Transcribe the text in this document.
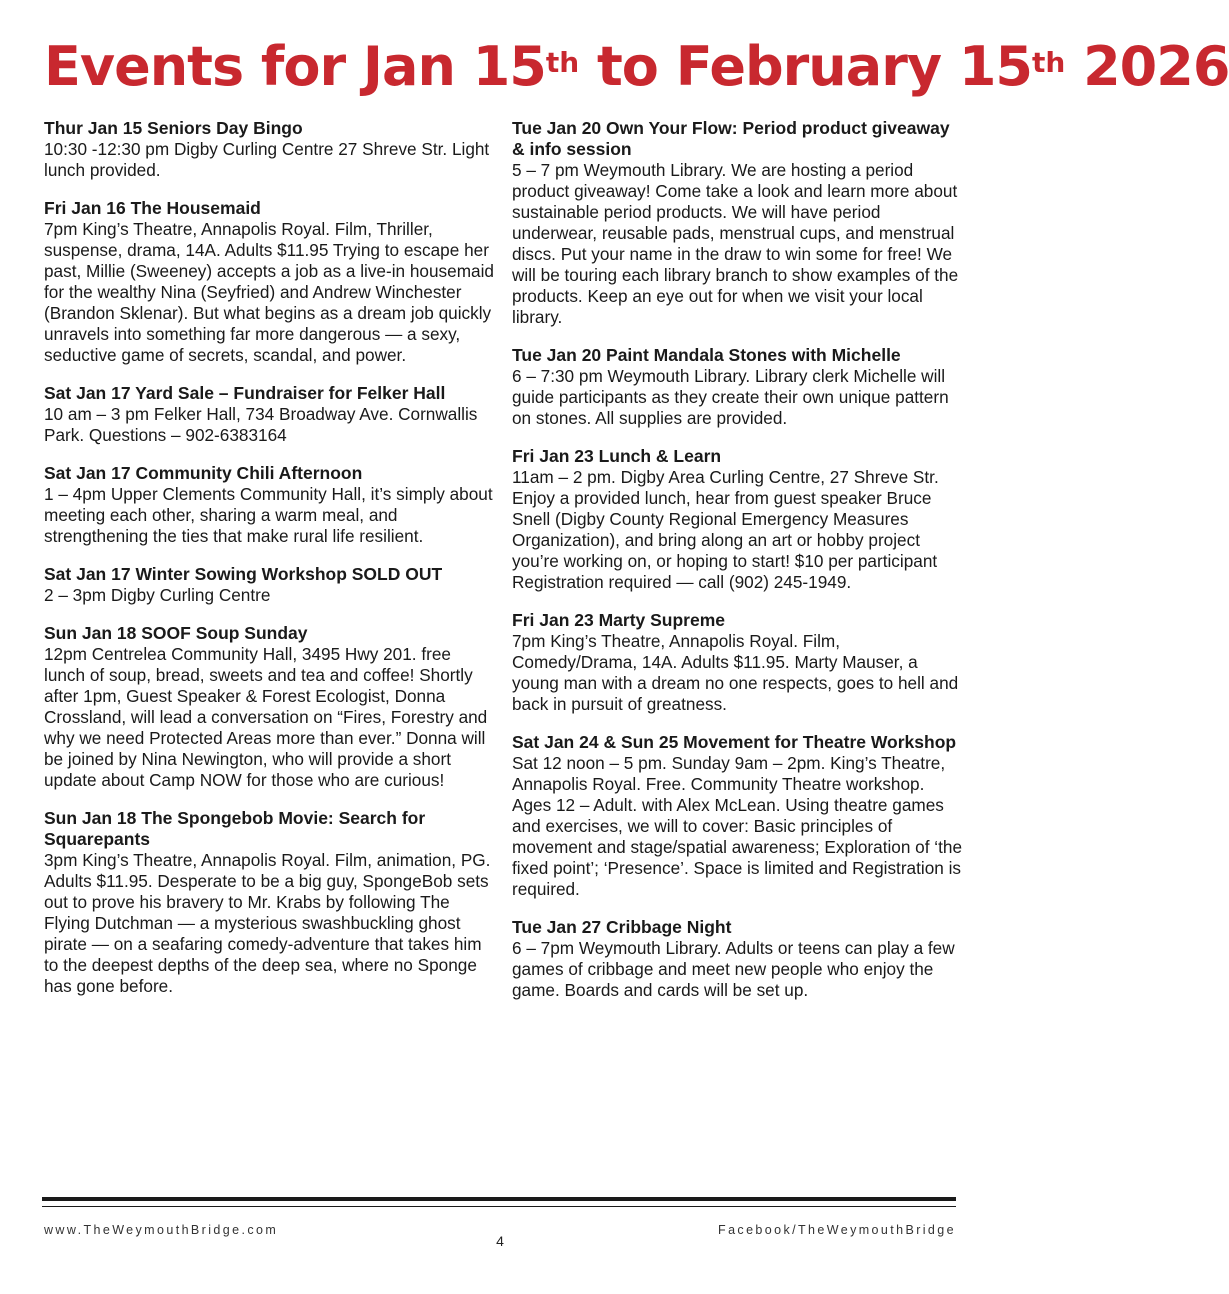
Events for Jan 15th to February 15th 2026

Thur Jan 15 Seniors Day Bingo

10:30 -12:30 pm Digby Curling Centre 27 Shreve Str. Light lunch provided.

Fri Jan 16 The Housemaid

7pm King’s Theatre, Annapolis Royal. Film, Thriller, suspense, drama, 14A. Adults $11.95 Trying to escape her past, Millie (Sweeney) accepts a job as a live-in housemaid for the wealthy Nina (Seyfried) and Andrew Winchester (Brandon Sklenar). But what begins as a dream job quickly unravels into something far more dangerous — a sexy, seductive game of secrets, scandal, and power.

Sat Jan 17 Yard Sale – Fundraiser for Felker Hall

10 am – 3 pm Felker Hall, 734 Broadway Ave. Cornwallis Park. Questions – 902-6383164

Sat Jan 17 Community Chili Afternoon

1 – 4pm Upper Clements Community Hall, it’s simply about meeting each other, sharing a warm meal, and strengthening the ties that make rural life resilient.

Sat Jan 17 Winter Sowing Workshop SOLD OUT

2 – 3pm Digby Curling Centre

Sun Jan 18 SOOF Soup Sunday

12pm Centrelea Community Hall, 3495 Hwy 201. free lunch of soup, bread, sweets and tea and coffee! Shortly after 1pm, Guest Speaker & Forest Ecologist, Donna Crossland, will lead a conversation on “Fires, Forestry and why we need Protected Areas more than ever.” Donna will be joined by Nina Newington, who will provide a short update about Camp NOW for those who are curious!

Sun Jan 18 The Spongebob Movie: Search for Squarepants

3pm King’s Theatre, Annapolis Royal. Film, animation, PG. Adults $11.95. Desperate to be a big guy, SpongeBob sets out to prove his bravery to Mr. Krabs by following The Flying Dutchman — a mysterious swashbuckling ghost pirate — on a seafaring comedy-adventure that takes him to the deepest depths of the deep sea, where no Sponge has gone before.

Tue Jan 20 Own Your Flow: Period product giveaway & info session

5 – 7 pm Weymouth Library. We are hosting a period product giveaway! Come take a look and learn more about sustainable period products. We will have period underwear, reusable pads, menstrual cups, and menstrual discs. Put your name in the draw to win some for free! We will be touring each library branch to show examples of the products. Keep an eye out for when we visit your local library.

Tue Jan 20 Paint Mandala Stones with Michelle

6 – 7:30 pm Weymouth Library. Library clerk Michelle will guide participants as they create their own unique pattern on stones. All supplies are provided.

Fri Jan 23 Lunch & Learn

11am – 2 pm. Digby Area Curling Centre, 27 Shreve Str. Enjoy a provided lunch, hear from guest speaker Bruce Snell (Digby County Regional Emergency Measures Organization), and bring along an art or hobby project you’re working on, or hoping to start! $10 per participant Registration required — call (902) 245-1949.

Fri Jan 23 Marty Supreme

7pm King’s Theatre, Annapolis Royal. Film, Comedy/Drama, 14A. Adults $11.95. Marty Mauser, a young man with a dream no one respects, goes to hell and back in pursuit of greatness.

Sat Jan 24 & Sun 25 Movement for Theatre Workshop

Sat 12 noon – 5 pm. Sunday 9am – 2pm. King’s Theatre, Annapolis Royal. Free. Community Theatre workshop. Ages 12 – Adult. with Alex McLean. Using theatre games and exercises, we will to cover: Basic principles of movement and stage/spatial awareness; Exploration of ‘the fixed point’; ‘Presence’. Space is limited and Registration is required.

Tue Jan 27 Cribbage Night

6 – 7pm Weymouth Library. Adults or teens can play a few games of cribbage and meet new people who enjoy the game. Boards and cards will be set up.

www.TheWeymouthBridge.com
4
Facebook/TheWeymouthBridge
